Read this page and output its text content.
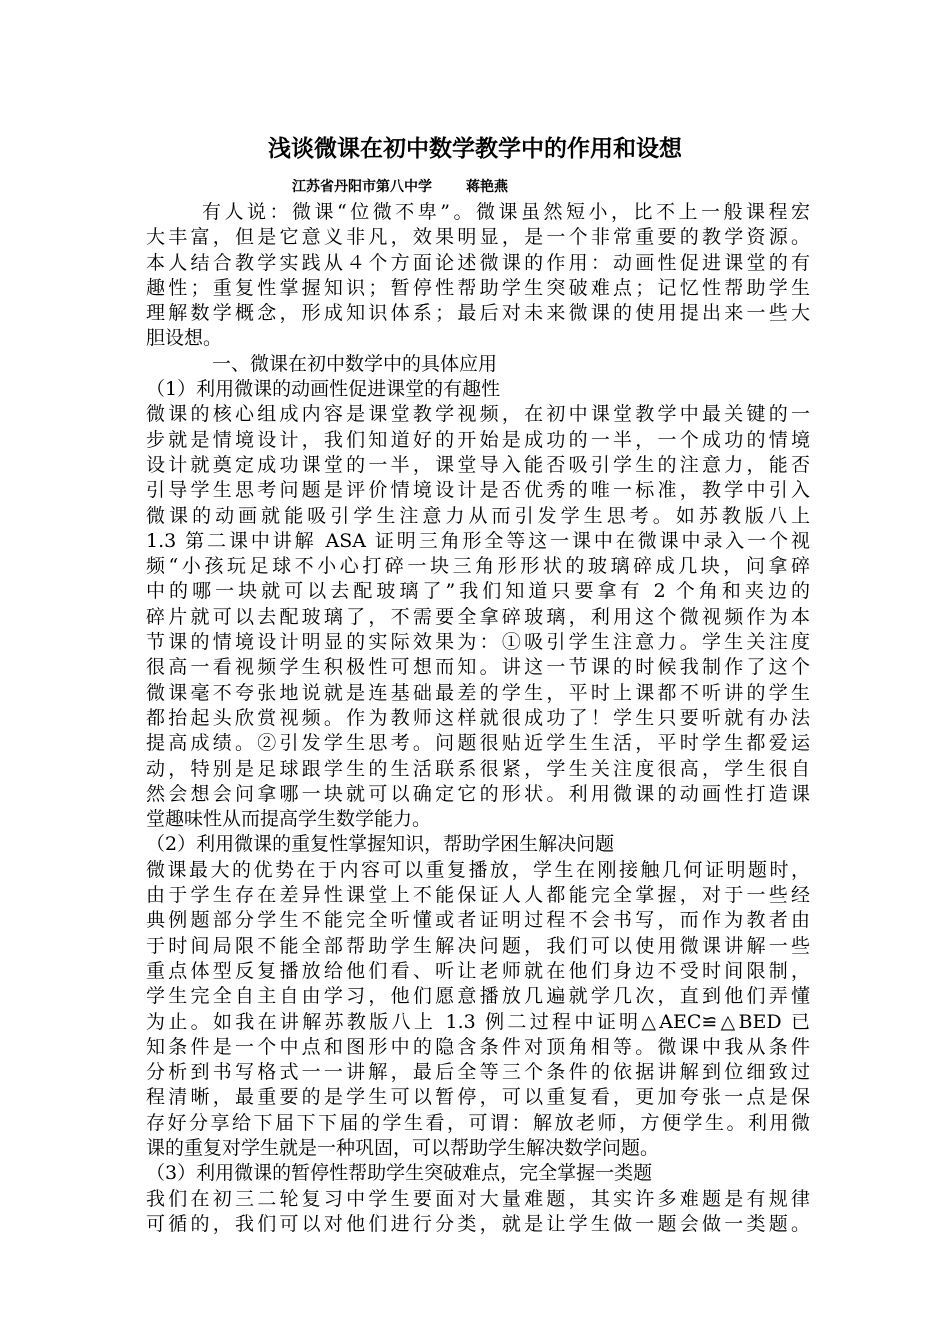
浅谈微课在初中数学教学中的作用和设想
江苏省丹阳市第八中学 蒋艳燕
有人说：微课“位微不卑”。微课虽然短小，比不上一般课程宏
大丰富，但是它意义非凡，效果明显，是一个非常重要的教学资源。
本人结合教学实践从４个方面论述微课的作用：动画性促进课堂的有
趣性；重复性掌握知识；暂停性帮助学生突破难点；记忆性帮助学生
理解数学概念，形成知识体系；最后对未来微课的使用提出来一些大
胆设想。
一、微课在初中数学中的具体应用
（1）利用微课的动画性促进课堂的有趣性
微课的核心组成内容是课堂教学视频，在初中课堂教学中最关键的一
步就是情境设计，我们知道好的开始是成功的一半，一个成功的情境
设计就奠定成功课堂的一半，课堂导入能否吸引学生的注意力，能否
引导学生思考问题是评价情境设计是否优秀的唯一标准，教学中引入
微课的动画就能吸引学生注意力从而引发学生思考。如苏教版八上
1.3 第二课中讲解 ASA 证明三角形全等这一课中在微课中录入一个视
频“小孩玩足球不小心打碎一块三角形形状的玻璃碎成几块，问拿碎
中的哪一块就可以去配玻璃了”我们知道只要拿有 2 个角和夹边的
碎片就可以去配玻璃了，不需要全拿碎玻璃，利用这个微视频作为本
节课的情境设计明显的实际效果为：①吸引学生注意力。学生关注度
很高一看视频学生积极性可想而知。讲这一节课的时候我制作了这个
微课毫不夸张地说就是连基础最差的学生，平时上课都不听讲的学生
都抬起头欣赏视频。作为教师这样就很成功了！学生只要听就有办法
提高成绩。②引发学生思考。问题很贴近学生生活，平时学生都爱运
动，特别是足球跟学生的生活联系很紧，学生关注度很高，学生很自
然会想会问拿哪一块就可以确定它的形状。利用微课的动画性打造课
堂趣味性从而提高学生数学能力。
（2）利用微课的重复性掌握知识，帮助学困生解决问题
微课最大的优势在于内容可以重复播放，学生在刚接触几何证明题时，
由于学生存在差异性课堂上不能保证人人都能完全掌握，对于一些经
典例题部分学生不能完全听懂或者证明过程不会书写，而作为教者由
于时间局限不能全部帮助学生解决问题，我们可以使用微课讲解一些
重点体型反复播放给他们看、听让老师就在他们身边不受时间限制，
学生完全自主自由学习，他们愿意播放几遍就学几次，直到他们弄懂
为止。如我在讲解苏教版八上 1.3 例二过程中证明△AEC≌△BED 已
知条件是一个中点和图形中的隐含条件对顶角相等。微课中我从条件
分析到书写格式一一讲解，最后全等三个条件的依据讲解到位细致过
程清晰，最重要的是学生可以暂停，可以重复看，更加夸张一点是保
存好分享给下届下下届的学生看，可谓：解放老师，方便学生。利用微
课的重复对学生就是一种巩固，可以帮助学生解决数学问题。
（3）利用微课的暂停性帮助学生突破难点，完全掌握一类题
我们在初三二轮复习中学生要面对大量难题，其实许多难题是有规律
可循的，我们可以对他们进行分类，就是让学生做一题会做一类题。
